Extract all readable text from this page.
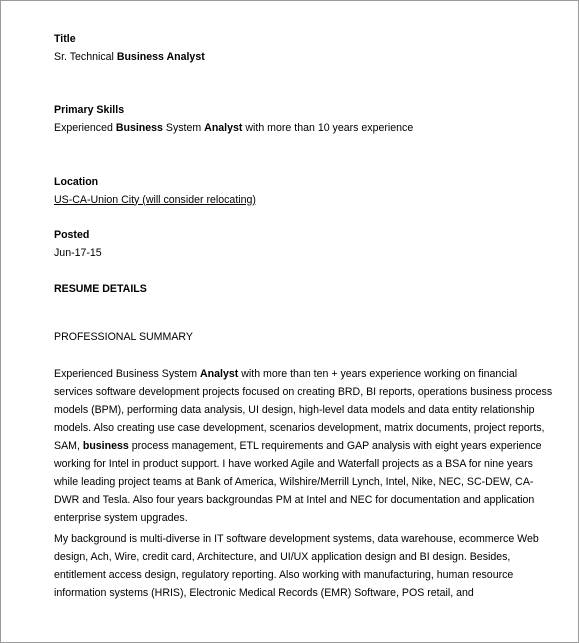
Title
Sr. Technical Business Analyst
Primary Skills
Experienced Business System Analyst with more than 10 years experience
Location
US-CA-Union City (will consider relocating)
Posted
Jun-17-15
RESUME DETAILS
PROFESSIONAL SUMMARY

Experienced Business System Analyst with more than ten + years experience working on financial services software development projects focused on creating BRD, BI reports, operations business process models (BPM), performing data analysis, UI design, high-level data models and data entity relationship models. Also creating use case development, scenarios development, matrix documents, project reports, SAM, business process management, ETL requirements and GAP analysis with eight years experience working for Intel in product support. I have worked Agile and Waterfall projects as a BSA for nine years while leading project teams at Bank of America, Wilshire/Merrill Lynch, Intel, Nike, NEC, SC-DEW, CA-DWR and Tesla. Also four years backgroundas PM at Intel and NEC for documentation and application enterprise system upgrades.

My background is multi-diverse in IT software development systems, data warehouse, ecommerce Web design, Ach, Wire, credit card, Architecture, and UI/UX application design and BI design. Besides, entitlement access design, regulatory reporting. Also working with manufacturing, human resource information systems (HRIS), Electronic Medical Records (EMR) Software, POS retail, and
